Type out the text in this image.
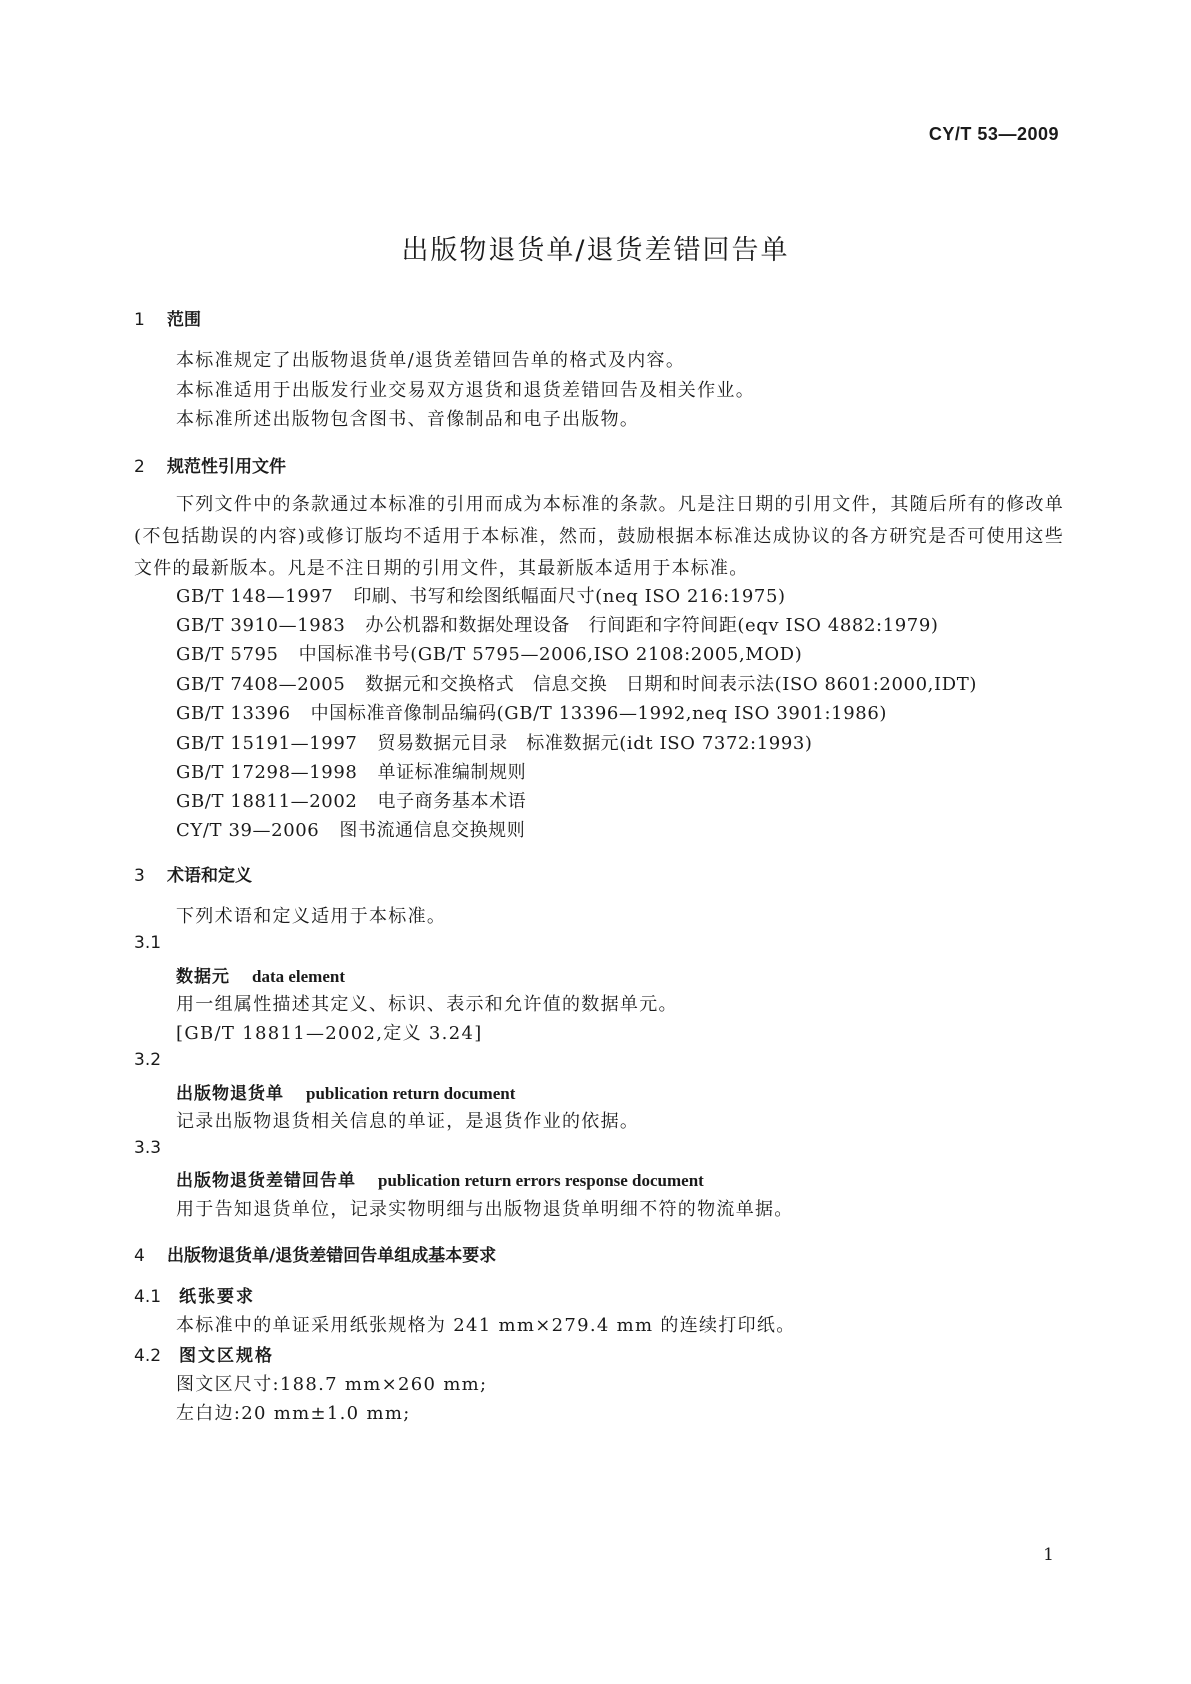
CY/T 53—2009
出版物退货单/退货差错回告单
1 范围
本标准规定了出版物退货单/退货差错回告单的格式及内容。
本标准适用于出版发行业交易双方退货和退货差错回告及相关作业。
本标准所述出版物包含图书、音像制品和电子出版物。
2 规范性引用文件
下列文件中的条款通过本标准的引用而成为本标准的条款。凡是注日期的引用文件，其随后所有的修改单(不包括勘误的内容)或修订版均不适用于本标准，然而，鼓励根据本标准达成协议的各方研究是否可使用这些文件的最新版本。凡是不注日期的引用文件，其最新版本适用于本标准。
GB/T 148—1997 印刷、书写和绘图纸幅面尺寸(neq ISO 216:1975)
GB/T 3910—1983 办公机器和数据处理设备　行间距和字符间距(eqv ISO 4882:1979)
GB/T 5795 中国标准书号(GB/T 5795—2006,ISO 2108:2005,MOD)
GB/T 7408—2005 数据元和交换格式　信息交换　日期和时间表示法(ISO 8601:2000,IDT)
GB/T 13396 中国标准音像制品编码(GB/T 13396—1992,neq ISO 3901:1986)
GB/T 15191—1997 贸易数据元目录　标准数据元(idt ISO 7372:1993)
GB/T 17298—1998 单证标准编制规则
GB/T 18811—2002 电子商务基本术语
CY/T 39—2006 图书流通信息交换规则
3 术语和定义
下列术语和定义适用于本标准。
3.1
数据元 data element
用一组属性描述其定义、标识、表示和允许值的数据单元。
[GB/T 18811—2002,定义 3.24]
3.2
出版物退货单 publication return document
记录出版物退货相关信息的单证，是退货作业的依据。
3.3
出版物退货差错回告单 publication return errors response document
用于告知退货单位，记录实物明细与出版物退货单明细不符的物流单据。
4 出版物退货单/退货差错回告单组成基本要求
4.1 纸张要求
本标准中的单证采用纸张规格为 241 mm×279.4 mm 的连续打印纸。
4.2 图文区规格
图文区尺寸:188.7 mm×260 mm;
左白边:20 mm±1.0 mm;
1
